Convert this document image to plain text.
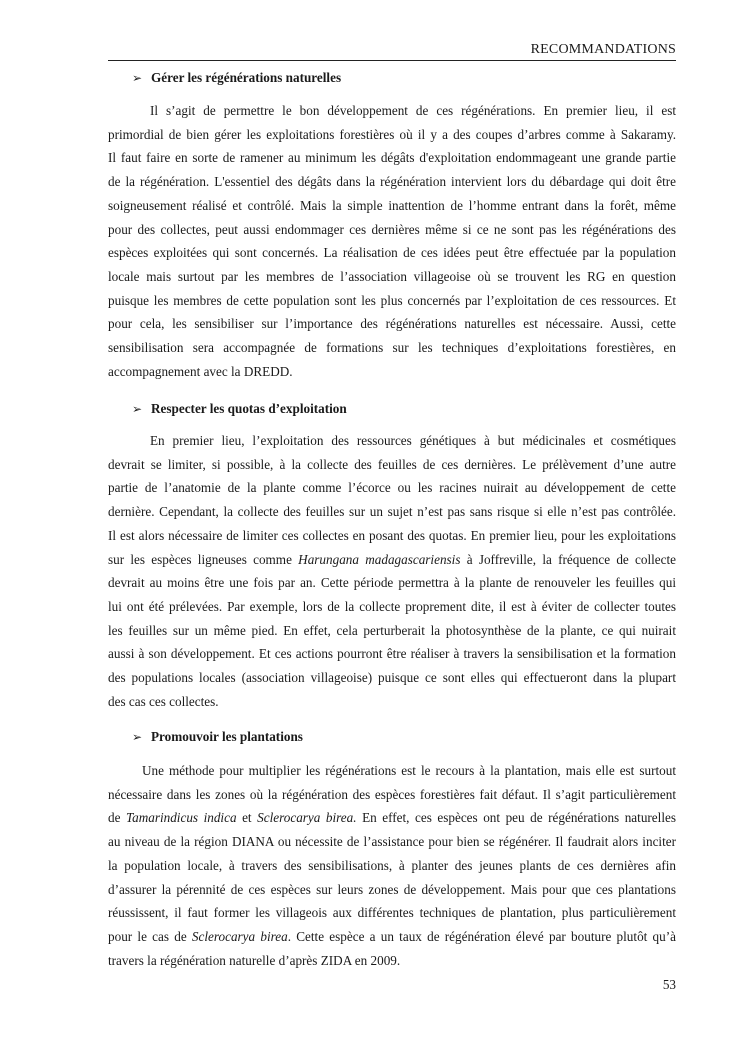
RECOMMANDATIONS
➢ Gérer les régénérations naturelles
Il s’agit de permettre le bon développement de ces régénérations. En premier lieu, il est
primordial de bien gérer les exploitations forestières où il y a des coupes d’arbres comme à Sakaramy.
Il faut faire en sorte de ramener au minimum les dégâts d'exploitation endommageant une grande partie
de la régénération. L'essentiel des dégâts dans la régénération intervient lors du débardage qui doit être
soigneusement réalisé et contrôlé. Mais la simple inattention de l’homme entrant dans la forêt, même
pour des collectes, peut aussi endommager ces dernières même si ce ne sont pas les régénérations des
espèces exploitées qui sont concernés. La réalisation de ces idées peut être effectuée par la population
locale mais surtout par les membres de l’association villageoise où se trouvent les RG en question
puisque les membres de cette population sont les plus concernés par l’exploitation de ces ressources. Et
pour cela, les sensibiliser sur l’importance des régénérations naturelles est nécessaire. Aussi, cette
sensibilisation sera accompagnée de formations sur les techniques d’exploitations forestières, en
accompagnement avec la DREDD.
➢ Respecter les quotas d’exploitation
En premier lieu, l’exploitation des ressources génétiques à but médicinales et cosmétiques
devrait se limiter, si possible, à la collecte des feuilles de ces dernières. Le prélèvement d’une autre
partie de l’anatomie de la plante comme l’écorce ou les racines nuirait au développement de cette
dernière. Cependant, la collecte des feuilles sur un sujet n’est pas sans risque si elle n’est pas contrôlée.
Il est alors nécessaire de limiter ces collectes en posant des quotas. En premier lieu, pour les exploitations
sur les espèces ligneuses comme Harungana madagascariensis à Joffreville, la fréquence de collecte
devrait au moins être une fois par an. Cette période permettra à la plante de renouveler les feuilles qui
lui ont été prélevées. Par exemple, lors de la collecte proprement dite, il est à éviter de collecter toutes
les feuilles sur un même pied. En effet, cela perturberait la photosynthèse de la plante, ce qui nuirait
aussi à son développement. Et ces actions pourront être réaliser à travers la sensibilisation et la formation
des populations locales (association villageoise) puisque ce sont elles qui effectueront dans la plupart
des cas ces collectes.
➢ Promouvoir les plantations
Une méthode pour multiplier les régénérations est le recours à la plantation, mais elle est surtout
nécessaire dans les zones où la régénération des espèces forestières fait défaut. Il s’agit particulièrement
de Tamarindicus indica et Sclerocarya birea. En effet, ces espèces ont peu de régénérations naturelles
au niveau de la région DIANA ou nécessite de l’assistance pour bien se régénérer. Il faudrait alors inciter
la population locale, à travers des sensibilisations, à planter des jeunes plants de ces dernières afin
d’assurer la pérennité de ces espèces sur leurs zones de développement. Mais pour que ces plantations
réussissent, il faut former les villageois aux différentes techniques de plantation, plus particulièrement
pour le cas de Sclerocarya birea. Cette espèce a un taux de régénération élevé par bouture plutôt qu’à
travers la régénération naturelle d’après ZIDA en 2009.
53
